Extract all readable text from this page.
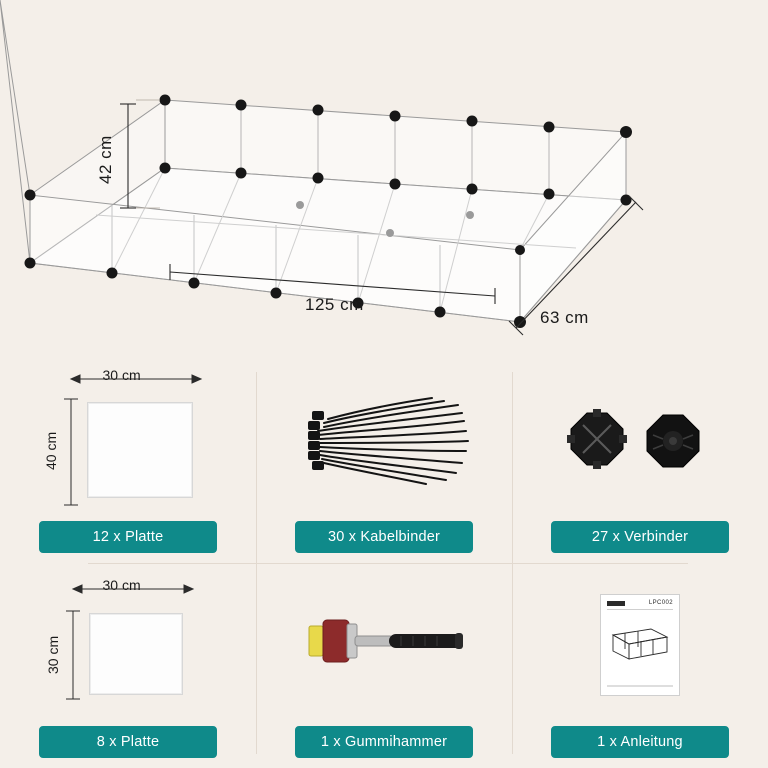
42 cm
125 cm
63 cm
30 cm
40 cm
12 x Platte	30 x Kabelbinder	27 x Verbinder
30 cm
30 cm
8 x Platte	1 x Gummihammer
LPC002
1 x Anleitung
